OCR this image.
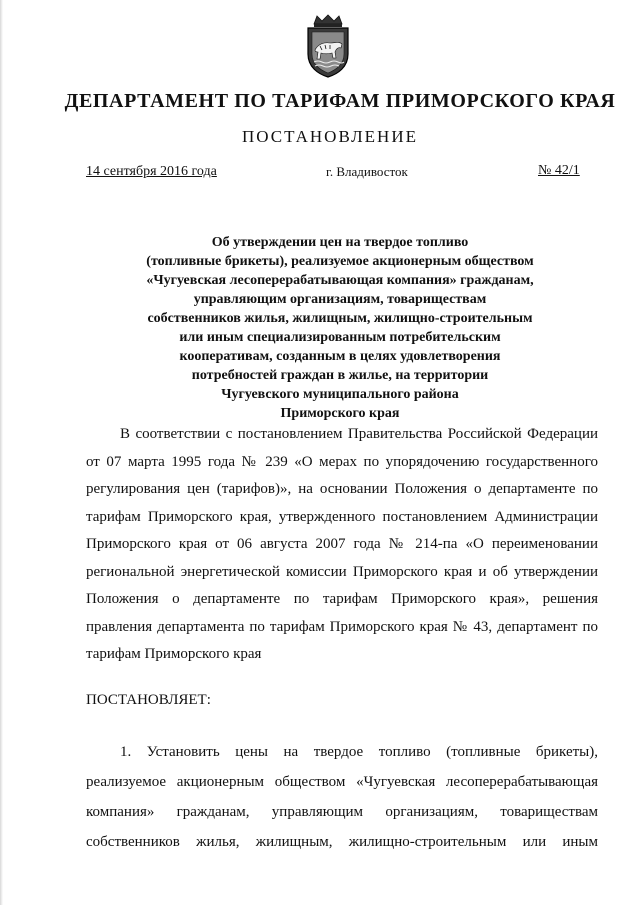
ДЕПАРТАМЕНТ ПО ТАРИФАМ ПРИМОРСКОГО КРАЯ
ПОСТАНОВЛЕНИЕ
14 сентября 2016 года	г. Владивосток	№ 42/1
Об утверждении цен на твердое топливо
(топливные брикеты), реализуемое акционерным обществом
«Чугуевская лесоперерабатывающая компания» гражданам,
управляющим организациям, товариществам
собственников жилья, жилищным, жилищно-строительным
или иным специализированным потребительским
кооперативам, созданным в целях удовлетворения
потребностей граждан в жилье, на территории
Чугуевского муниципального района
Приморского края
В соответствии с постановлением Правительства Российской Федерации
от 07 марта 1995 года № 239 «О мерах по упорядочению государственного
регулирования цен (тарифов)», на основании Положения о департаменте по
тарифам Приморского края, утвержденного постановлением Администрации
Приморского края от 06 августа 2007 года № 214-па «О переименовании
региональной энергетической комиссии Приморского края и об утверждении
Положения о департаменте по тарифам Приморского края», решения
правления департамента по тарифам Приморского края № 43, департамент по
тарифам Приморского края
ПОСТАНОВЛЯЕТ:
1. Установить цены на твердое топливо (топливные брикеты),
реализуемое акционерным обществом «Чугуевская лесоперерабатывающая
компания» гражданам, управляющим организациям, товариществам
собственников жилья, жилищным, жилищно-строительным или иным
